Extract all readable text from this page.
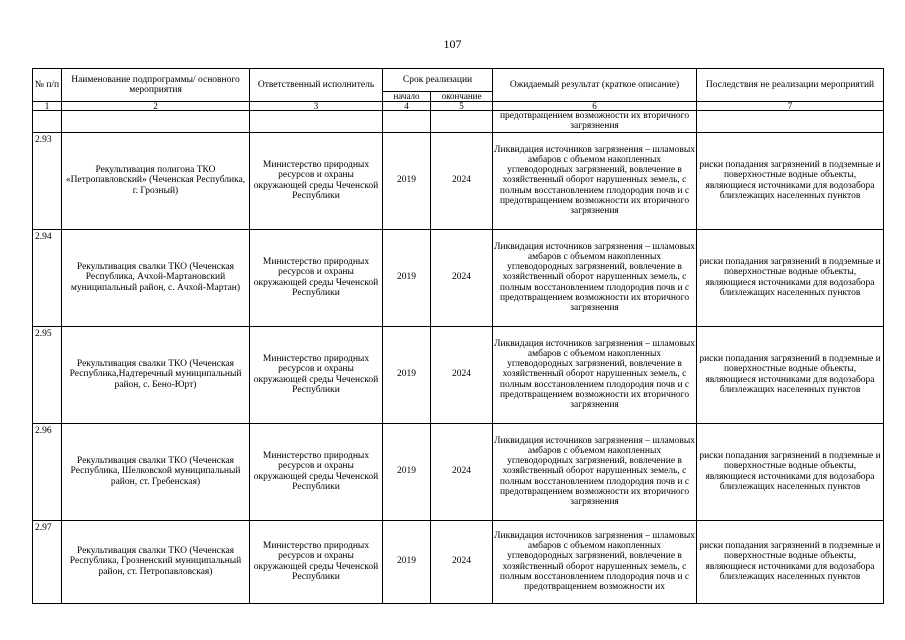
107
№ п/п	Наименование подпрограммы/ основного мероприятия	Ответственный исполнитель	Срок реализации		Ожидаемый результат (краткое описание)	Последствия не реализации мероприятий
			начало	окончание		
1	2	3	4	5	6	7
					предотвращением возможности их вторичного загрязнения	
2.93	Рекультивация полигона ТКО «Петропавловский» (Чеченская Республика, г. Грозный)	Министерство природных ресурсов и охраны окружающей среды Чеченской Республики	2019	2024	Ликвидация источников загрязнения – шламовых амбаров с объемом накопленных углеводородных загрязнений, вовлечение в хозяйственный оборот нарушенных земель, с полным восстановлением плодородия почв и с предотвращением возможности их вторичного загрязнения	риски попадания загрязнений в подземные и поверхностные водные объекты, являющиеся источниками для водозабора близлежащих населенных пунктов
2.94	Рекультивация свалки ТКО (Чеченская Республика, Ачхой-Мартановский муниципальный район, с. Ачхой-Мартан)	Министерство природных ресурсов и охраны окружающей среды Чеченской Республики	2019	2024	Ликвидация источников загрязнения – шламовых амбаров с объемом накопленных углеводородных загрязнений, вовлечение в хозяйственный оборот нарушенных земель, с полным восстановлением плодородия почв и с предотвращением возможности их вторичного загрязнения	риски попадания загрязнений в подземные и поверхностные водные объекты, являющиеся источниками для водозабора близлежащих населенных пунктов
2.95	Рекультивация свалки ТКО (Чеченская Республика,Надтеречный муниципальный район, с. Бено-Юрт)	Министерство природных ресурсов и охраны окружающей среды Чеченской Республики	2019	2024	Ликвидация источников загрязнения – шламовых амбаров с объемом накопленных углеводородных загрязнений, вовлечение в хозяйственный оборот нарушенных земель, с полным восстановлением плодородия почв и с предотвращением возможности их вторичного загрязнения	риски попадания загрязнений в подземные и поверхностные водные объекты, являющиеся источниками для водозабора близлежащих населенных пунктов
2.96	Рекультивация свалки ТКО (Чеченская Республика, Шелковской муниципальный район, ст. Гребенская)	Министерство природных ресурсов и охраны окружающей среды Чеченской Республики	2019	2024	Ликвидация источников загрязнения – шламовых амбаров с объемом накопленных углеводородных загрязнений, вовлечение в хозяйственный оборот нарушенных земель, с полным восстановлением плодородия почв и с предотвращением возможности их вторичного загрязнения	риски попадания загрязнений в подземные и поверхностные водные объекты, являющиеся источниками для водозабора близлежащих населенных пунктов
2.97	Рекультивация свалки ТКО (Чеченская Республика, Грозненский муниципальный район, ст. Петропавловская)	Министерство природных ресурсов и охраны окружающей среды Чеченской Республики	2019	2024	Ликвидация источников загрязнения – шламовых амбаров с объемом накопленных углеводородных загрязнений, вовлечение в хозяйственный оборот нарушенных земель, с полным восстановлением плодородия почв и с предотвращением возможности их	риски попадания загрязнений в подземные и поверхностные водные объекты, являющиеся источниками для водозабора близлежащих населенных пунктов
